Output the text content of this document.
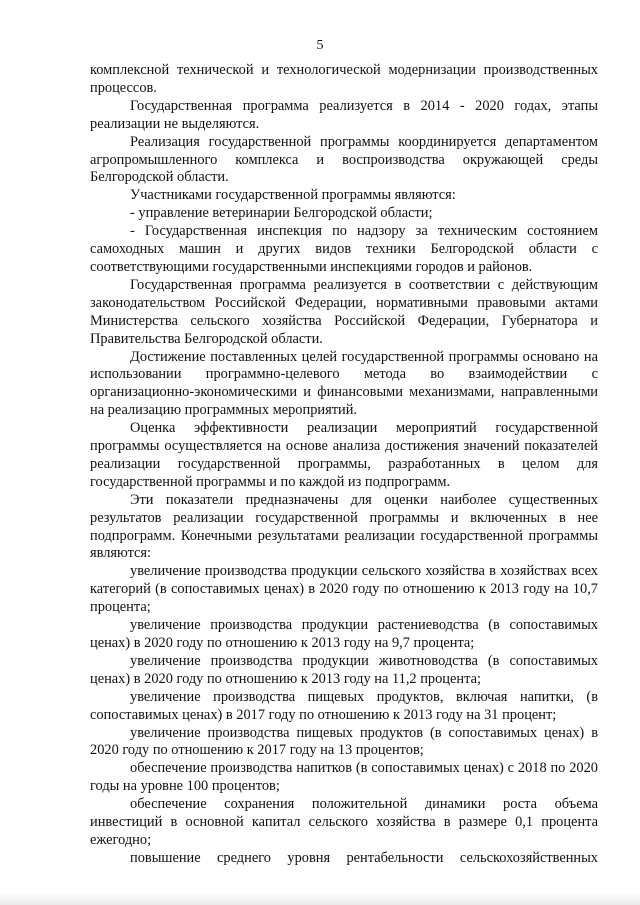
5

комплексной технической и технологической модернизации производственных процессов.

Государственная программа реализуется в 2014 - 2020 годах, этапы реализации не выделяются.

Реализация государственной программы координируется департаментом агропромышленного комплекса и воспроизводства окружающей среды Белгородской области.

Участниками государственной программы являются:

- управление ветеринарии Белгородской области;

- Государственная инспекция по надзору за техническим состоянием самоходных машин и других видов техники Белгородской области с соответствующими государственными инспекциями городов и районов.

Государственная программа реализуется в соответствии с действующим законодательством Российской Федерации, нормативными правовыми актами Министерства сельского хозяйства Российской Федерации, Губернатора и Правительства Белгородской области.

Достижение поставленных целей государственной программы основано на использовании программно-целевого метода во взаимодействии с организационно-экономическими и финансовыми механизмами, направленными на реализацию программных мероприятий.

Оценка эффективности реализации мероприятий государственной программы осуществляется на основе анализа достижения значений показателей реализации государственной программы, разработанных в целом для государственной программы и по каждой из подпрограмм.

Эти показатели предназначены для оценки наиболее существенных результатов реализации государственной программы и включенных в нее подпрограмм. Конечными результатами реализации государственной программы являются:

увеличение производства продукции сельского хозяйства в хозяйствах всех категорий (в сопоставимых ценах) в 2020 году по отношению к 2013 году на 10,7 процента;

увеличение производства продукции растениеводства (в сопоставимых ценах) в 2020 году по отношению к 2013 году на 9,7 процента;

увеличение производства продукции животноводства (в сопоставимых ценах) в 2020 году по отношению к 2013 году на 11,2 процента;

увеличение производства пищевых продуктов, включая напитки, (в сопоставимых ценах) в 2017 году по отношению к 2013 году на 31 процент;

увеличение производства пищевых продуктов (в сопоставимых ценах) в 2020 году по отношению к 2017 году на 13 процентов;

обеспечение производства напитков (в сопоставимых ценах) с 2018 по 2020 годы на уровне 100 процентов;

обеспечение сохранения положительной динамики роста объема инвестиций в основной капитал сельского хозяйства в размере 0,1 процента ежегодно;

повышение среднего уровня рентабельности сельскохозяйственных
